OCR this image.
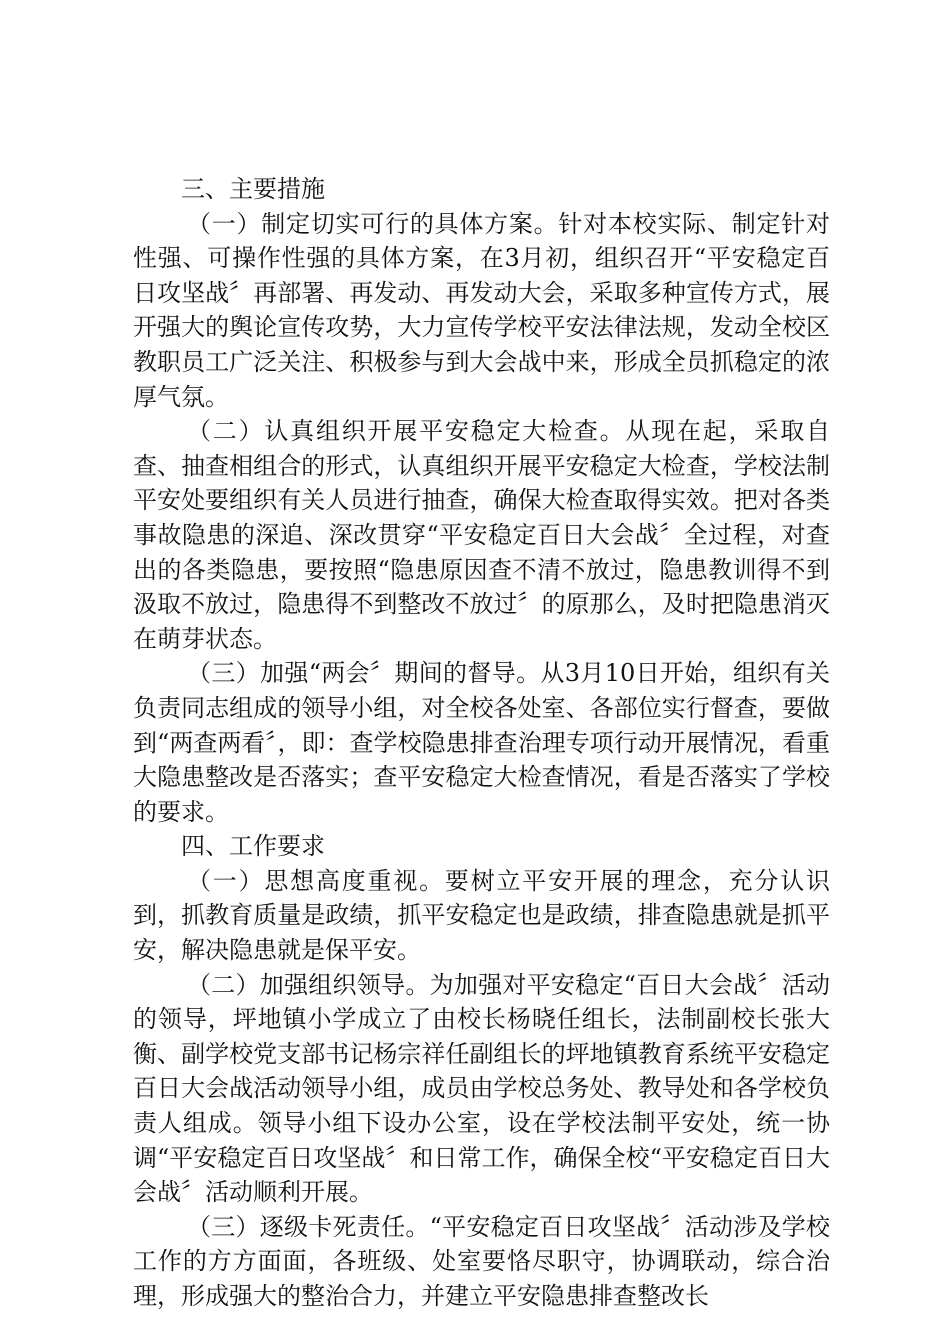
三、主要措施

（一）制定切实可行的具体方案。针对本校实际、制定针对性强、可操作性强的具体方案，在3月初，组织召开“平安稳定百日攻坚战〞再部署、再发动、再发动大会，采取多种宣传方式，展开强大的舆论宣传攻势，大力宣传学校平安法律法规，发动全校区教职员工广泛关注、积极参与到大会战中来，形成全员抓稳定的浓厚气氛。

（二）认真组织开展平安稳定大检查。从现在起，采取自查、抽查相组合的形式，认真组织开展平安稳定大检查，学校法制平安处要组织有关人员进行抽查，确保大检查取得实效。把对各类事故隐患的深追、深改贯穿“平安稳定百日大会战〞全过程，对查出的各类隐患，要按照“隐患原因查不清不放过，隐患教训得不到汲取不放过，隐患得不到整改不放过〞的原那么，及时把隐患消灭在萌芽状态。

（三）加强“两会〞期间的督导。从3月10日开始，组织有关负责同志组成的领导小组，对全校各处室、各部位实行督查，要做到“两查两看〞，即：查学校隐患排查治理专项行动开展情况，看重大隐患整改是否落实；查平安稳定大检查情况，看是否落实了学校的要求。

四、工作要求

（一）思想高度重视。要树立平安开展的理念，充分认识到，抓教育质量是政绩，抓平安稳定也是政绩，排查隐患就是抓平安，解决隐患就是保平安。

（二）加强组织领导。为加强对平安稳定“百日大会战〞活动的领导，坪地镇小学成立了由校长杨晓任组长，法制副校长张大衡、副学校党支部书记杨宗祥任副组长的坪地镇教育系统平安稳定百日大会战活动领导小组，成员由学校总务处、教导处和各学校负责人组成。领导小组下设办公室，设在学校法制平安处，统一协调“平安稳定百日攻坚战〞和日常工作，确保全校“平安稳定百日大会战〞活动顺利开展。

（三）逐级卡死责任。“平安稳定百日攻坚战〞活动涉及学校工作的方方面面，各班级、处室要恪尽职守，协调联动，综合治理，形成强大的整治合力，并建立平安隐患排查整改长
